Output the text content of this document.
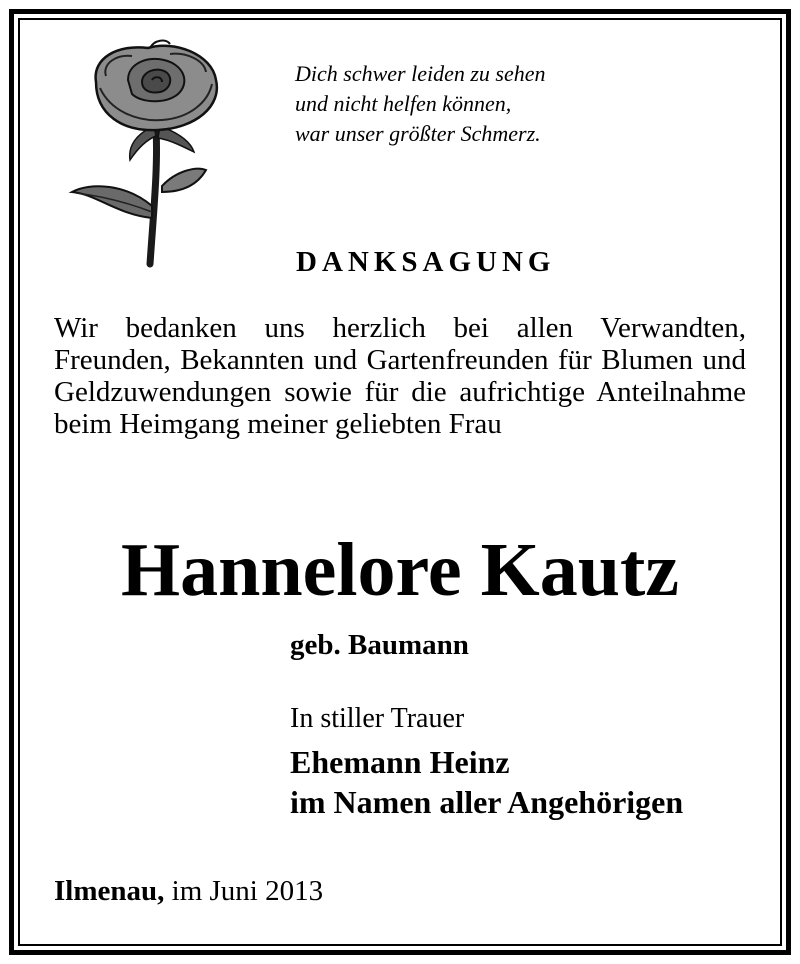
Dich schwer leiden zu sehen
und nicht helfen können,
war unser größter Schmerz.
DANKSAGUNG
Wir bedanken uns herzlich bei allen Verwandten, Freunden, Bekannten und Gartenfreunden für Blumen und Geldzuwendungen sowie für die aufrichtige Anteilnahme beim Heimgang meiner geliebten Frau
Hannelore Kautz
geb. Baumann
In stiller Trauer
Ehemann Heinz
im Namen aller Angehörigen
Ilmenau, im Juni 2013
